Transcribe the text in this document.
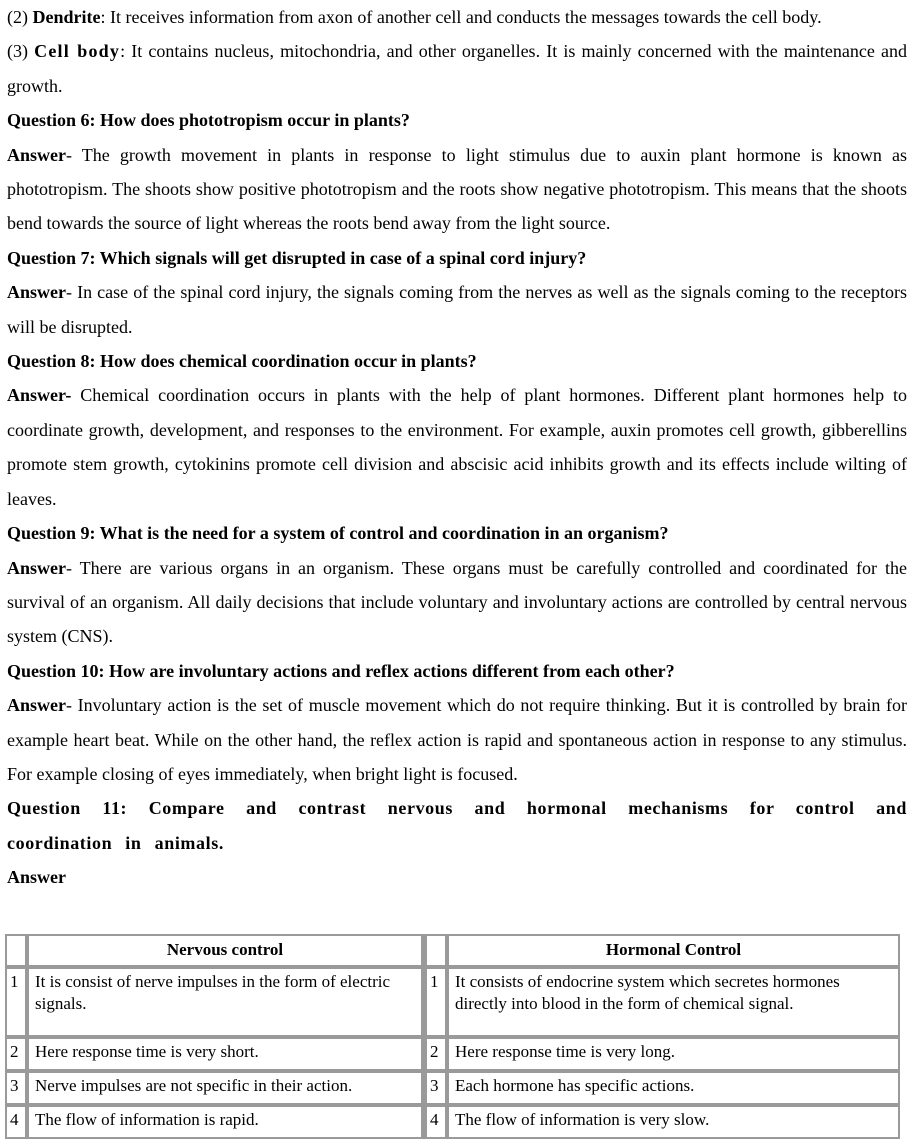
(2) Dendrite: It receives information from axon of another cell and conducts the messages towards the cell body.

(3) Cell body: It contains nucleus, mitochondria, and other organelles. It is mainly concerned with the maintenance and growth.

Question 6: How does phototropism occur in plants?

Answer- The growth movement in plants in response to light stimulus due to auxin plant hormone is known as phototropism. The shoots show positive phototropism and the roots show negative phototropism. This means that the shoots bend towards the source of light whereas the roots bend away from the light source.

Question 7: Which signals will get disrupted in case of a spinal cord injury?

Answer- In case of the spinal cord injury, the signals coming from the nerves as well as the signals coming to the receptors will be disrupted.

Question 8: How does chemical coordination occur in plants?

Answer- Chemical coordination occurs in plants with the help of plant hormones. Different plant hormones help to coordinate growth, development, and responses to the environment. For example, auxin promotes cell growth, gibberellins promote stem growth, cytokinins promote cell division and abscisic acid inhibits growth and its effects include wilting of leaves.

Question 9: What is the need for a system of control and coordination in an organism?

Answer- There are various organs in an organism. These organs must be carefully controlled and coordinated for the survival of an organism. All daily decisions that include voluntary and involuntary actions are controlled by central nervous system (CNS).

Question 10: How are involuntary actions and reflex actions different from each other?

Answer- Involuntary action is the set of muscle movement which do not require thinking. But it is controlled by brain for example heart beat. While on the other hand, the reflex action is rapid and spontaneous action in response to any stimulus. For example closing of eyes immediately, when bright light is focused.

Question 11: Compare and contrast nervous and hormonal mechanisms for control and coordination in animals.

Answer

	Nervous control		Hormonal Control
1	It is consist of nerve impulses in the form of electric signals.	1	It consists of endocrine system which secretes hormones directly into blood in the form of chemical signal.
2	Here response time is very short.	2	Here response time is very long.
3	Nerve impulses are not specific in their action.	3	Each hormone has specific actions.
4	The flow of information is rapid.	4	The flow of information is very slow.
